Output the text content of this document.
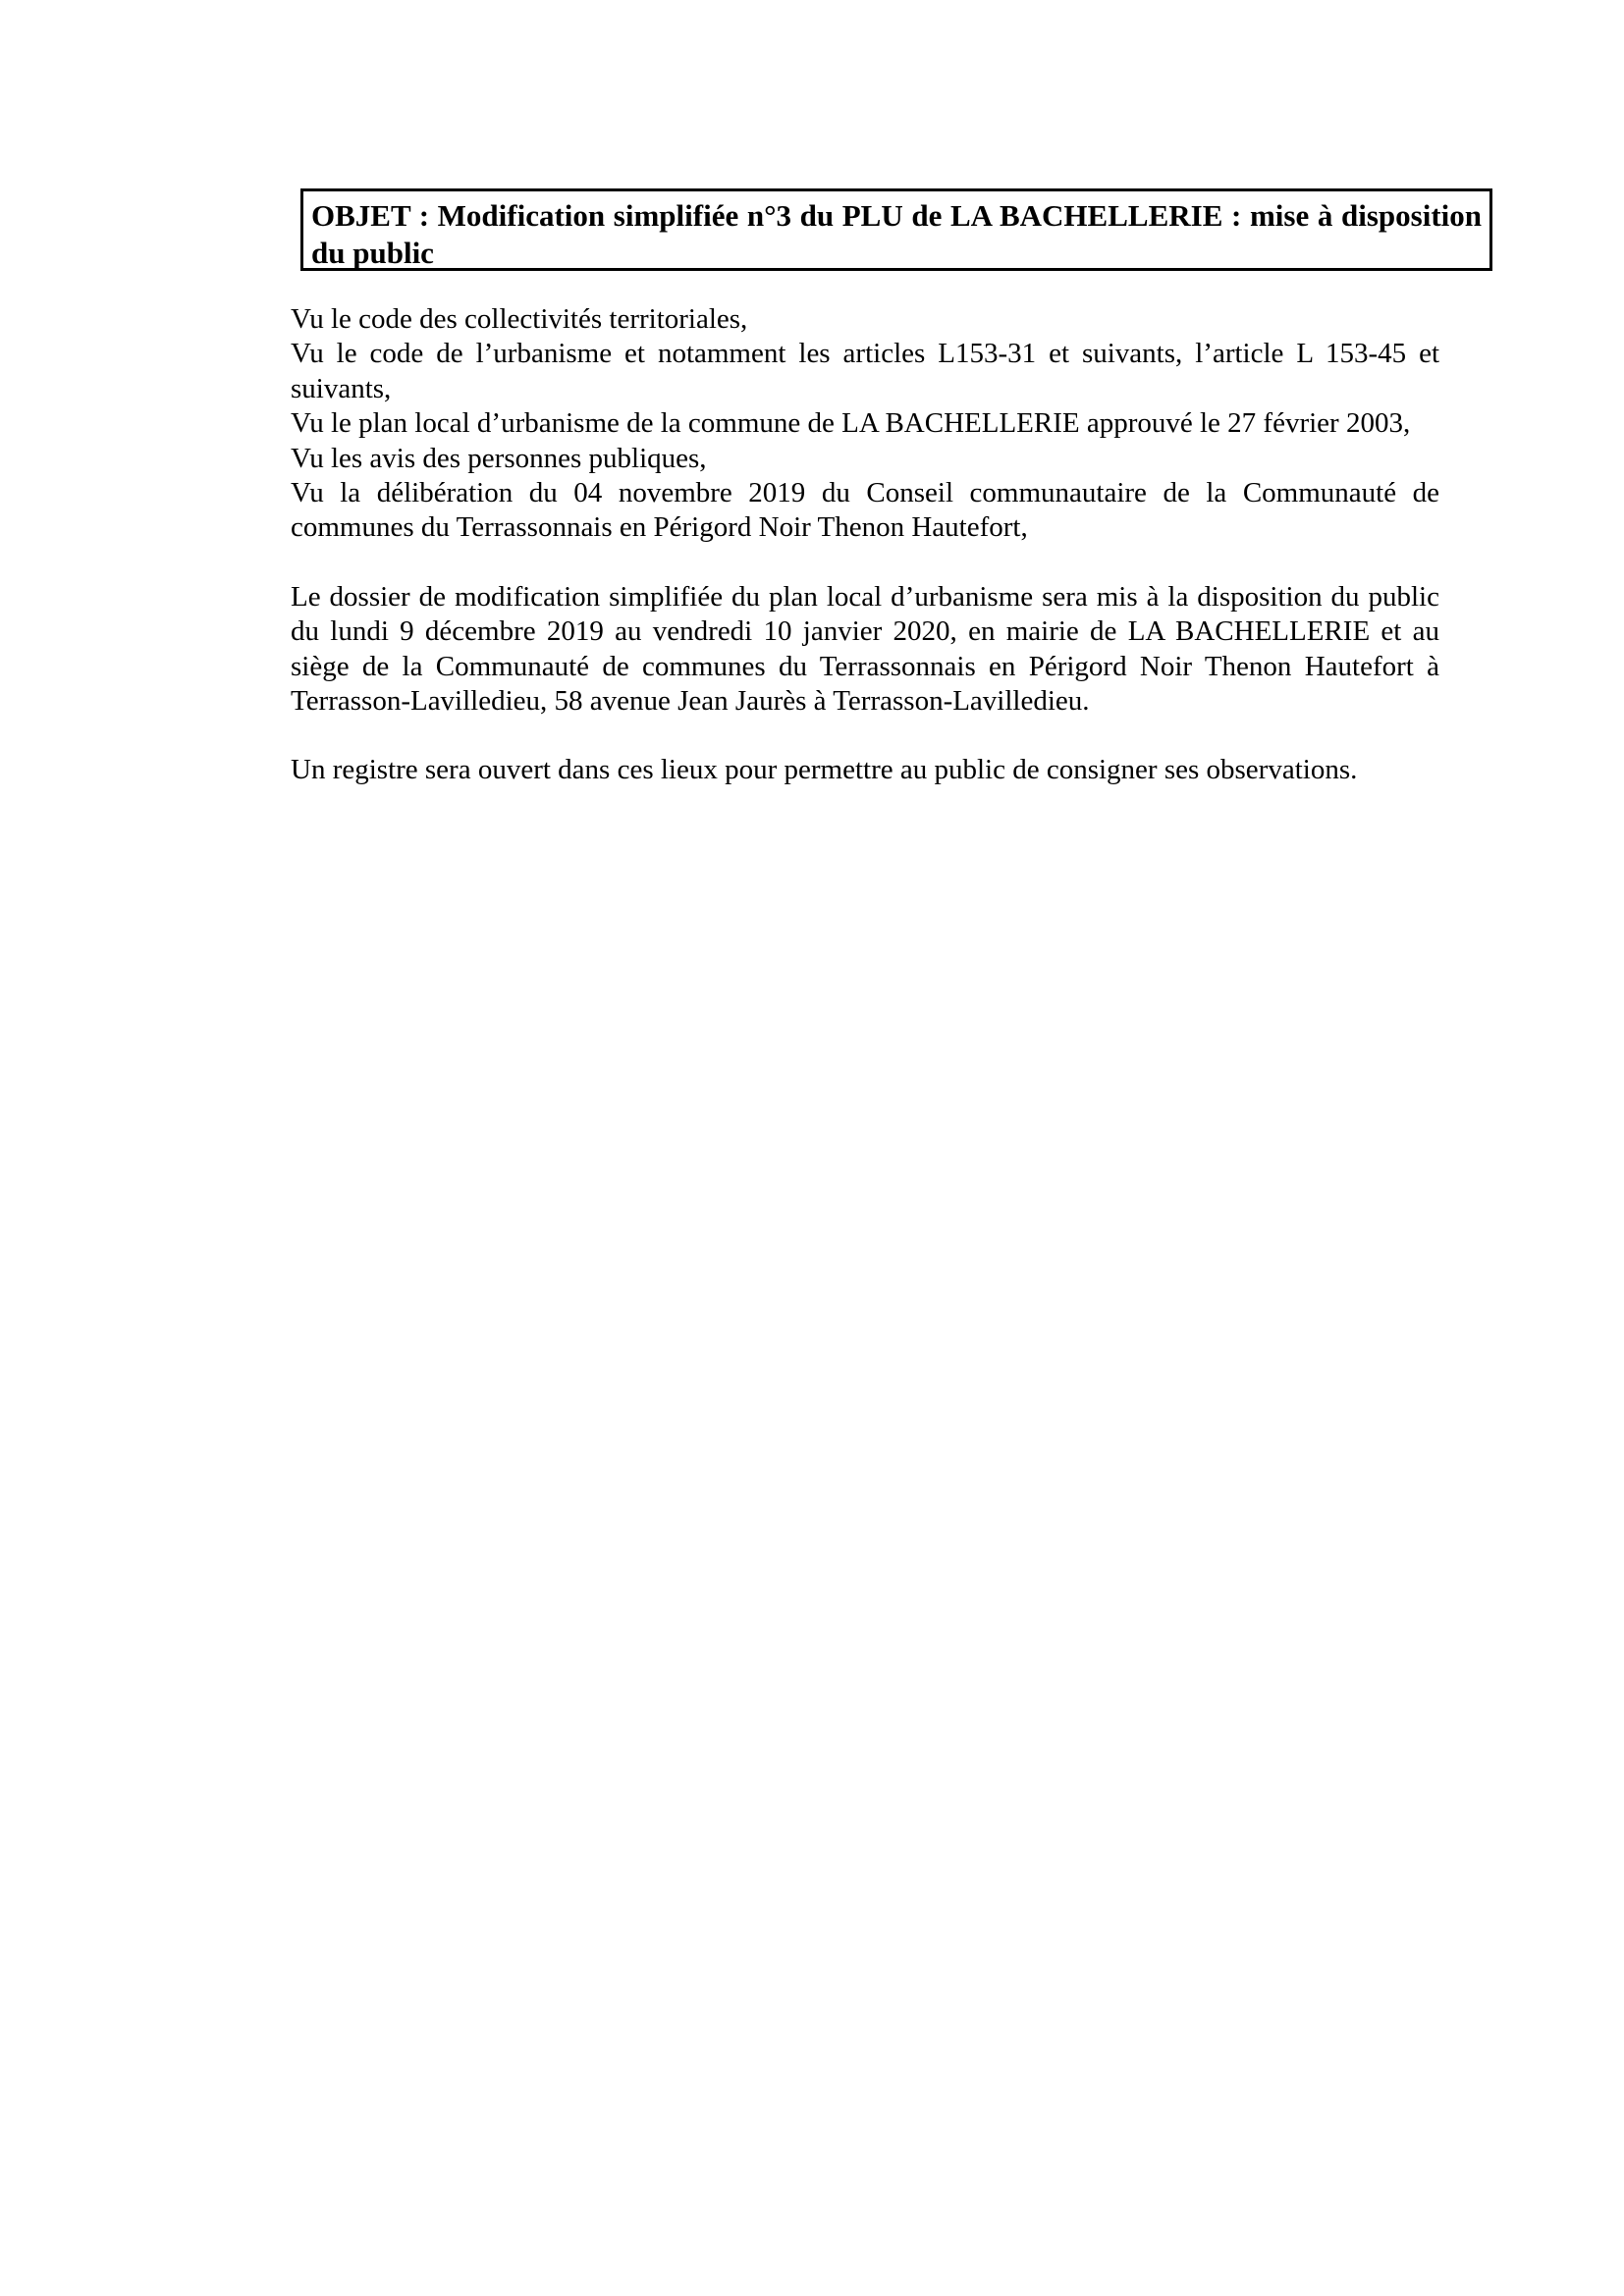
OBJET : Modification simplifiée n°3 du PLU de LA BACHELLERIE : mise à disposition du public
Vu le code des collectivités territoriales,
Vu le code de l’urbanisme et notamment les articles L153-31 et suivants, l’article L 153-45 et suivants,
Vu le plan local d’urbanisme de la commune de LA BACHELLERIE approuvé le 27 février 2003,
Vu les avis des personnes publiques,
Vu la délibération du 04 novembre 2019 du Conseil communautaire de la Communauté de communes du Terrassonnais en Périgord Noir Thenon Hautefort,
Le dossier de modification simplifiée du plan local d’urbanisme sera mis à la disposition du public du lundi 9 décembre 2019 au vendredi 10 janvier 2020, en mairie de LA BACHELLERIE et au siège de la Communauté de communes du Terrassonnais en Périgord Noir Thenon Hautefort à Terrasson-Lavilledieu, 58 avenue Jean Jaurès à Terrasson-Lavilledieu.
Un registre sera ouvert dans ces lieux pour permettre au public de consigner ses observations.
